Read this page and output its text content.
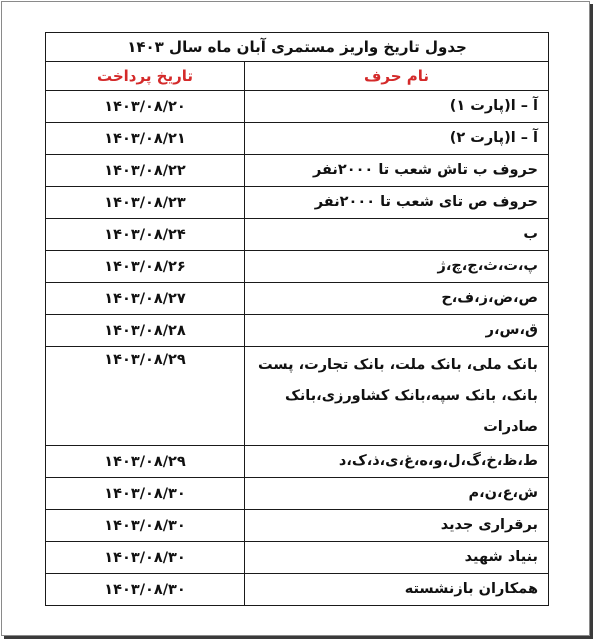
جدول تاریخ واریز مستمری آبان ماه سال ۱۴۰۳	
نام حرف	تاریخ پرداخت
آ – ا(پارت ۱)	۱۴۰۳/۰۸/۲۰
آ – ا(پارت ۲)	۱۴۰۳/۰۸/۲۱
حروف ب تاش شعب تا ۲۰۰۰نفر	۱۴۰۳/۰۸/۲۲
حروف ص تای شعب تا ۲۰۰۰نفر	۱۴۰۳/۰۸/۲۳
ب	۱۴۰۳/۰۸/۲۴
پ،ت،ث،ج،چ،ژ	۱۴۰۳/۰۸/۲۶
ص،ض،ز،ف،ح	۱۴۰۳/۰۸/۲۷
ق،س،ر	۱۴۰۳/۰۸/۲۸
بانک ملی، بانک ملت، بانک تجارت، پست بانک، بانک سپه،بانک کشاورزی،بانک صادرات	۱۴۰۳/۰۸/۲۹
ط،ظ،خ،گ،ل،و،ه،غ،ی،ذ،ک،د	۱۴۰۳/۰۸/۲۹
ش،ع،ن،م	۱۴۰۳/۰۸/۳۰
برقراری جدید	۱۴۰۳/۰۸/۳۰
بنیاد شهید	۱۴۰۳/۰۸/۳۰
همکاران بازنشسته	۱۴۰۳/۰۸/۳۰
